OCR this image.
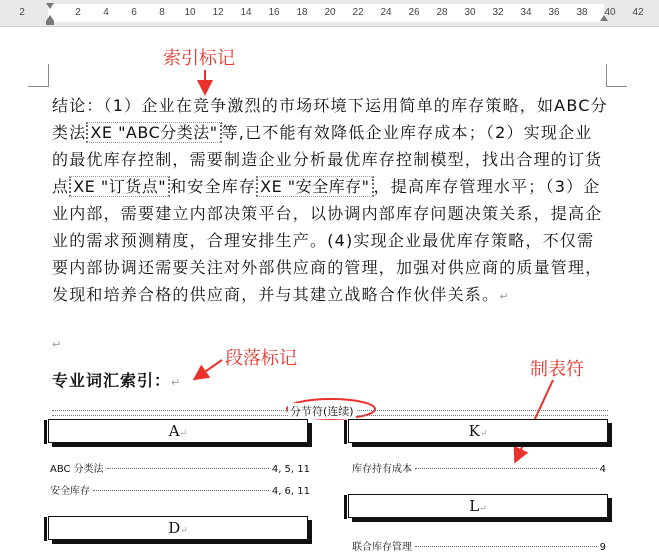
2	2 4 6 8 10 12 14 16 18 20 22 24 26 28 30 32 34 36 38 40 42
索引标记
段落标记
制表符
结论：（1）企业在竞争激烈的市场环境下运用简单的库存策略，如ABC分类法 XE "ABC分类法" 等,已不能有效降低企业库存成本；（2）实现企业的最优库存控制，需要制造企业分析最优库存控制模型，找出合理的订货点 XE "订货点" 和安全库存 XE "安全库存" ，提高库存管理水平；（3）企业内部，需要建立内部决策平台，以协调内部库存问题决策关系，提高企业的需求预测精度，合理安排生产。(4)实现企业最优库存策略，不仅需要内部协调还需要关注对外部供应商的管理，加强对供应商的质量管理，发现和培养合格的供应商，并与其建立战略合作伙伴关系。↵
↵
专业词汇索引：↵
分节符(连续)
A↵
ABC 分类法	4, 5, 11
安全库存	4, 6, 11
D↵
K↵
库存持有成本	4
L↵
联合库存管理	9
